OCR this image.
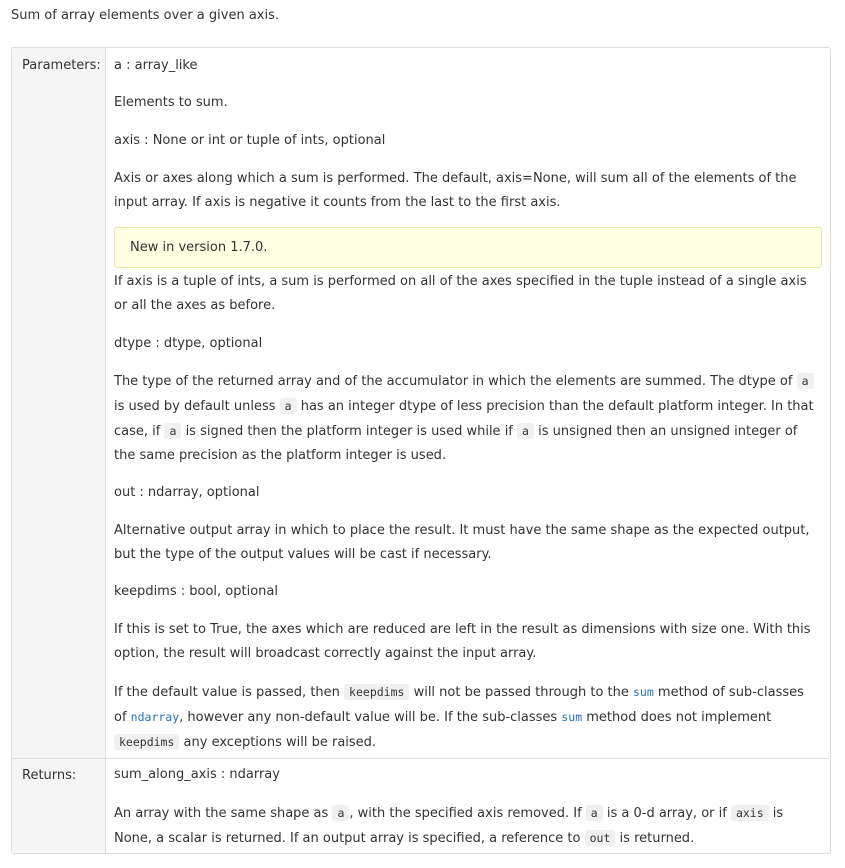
Sum of array elements over a given axis.
Parameters:
Returns:
a : array_like
Elements to sum.
axis : None or int or tuple of ints, optional
Axis or axes along which a sum is performed. The default, axis=None, will sum all of the elements of the input array. If axis is negative it counts from the last to the first axis.
New in version 1.7.0.
If axis is a tuple of ints, a sum is performed on all of the axes specified in the tuple instead of a single axis or all the axes as before.
dtype : dtype, optional
The type of the returned array and of the accumulator in which the elements are summed. The dtype of a is used by default unless a has an integer dtype of less precision than the default platform integer. In that case, if a is signed then the platform integer is used while if a is unsigned then an unsigned integer of the same precision as the platform integer is used.
out : ndarray, optional
Alternative output array in which to place the result. It must have the same shape as the expected output, but the type of the output values will be cast if necessary.
keepdims : bool, optional
If this is set to True, the axes which are reduced are left in the result as dimensions with size one. With this option, the result will broadcast correctly against the input array.
If the default value is passed, then keepdims will not be passed through to the sum method of sub-classes of ndarray, however any non-default value will be. If the sub-classes sum method does not implement keepdims any exceptions will be raised.
sum_along_axis : ndarray
An array with the same shape as a , with the specified axis removed. If a is a 0-d array, or if axis is None, a scalar is returned. If an output array is specified, a reference to out is returned.
